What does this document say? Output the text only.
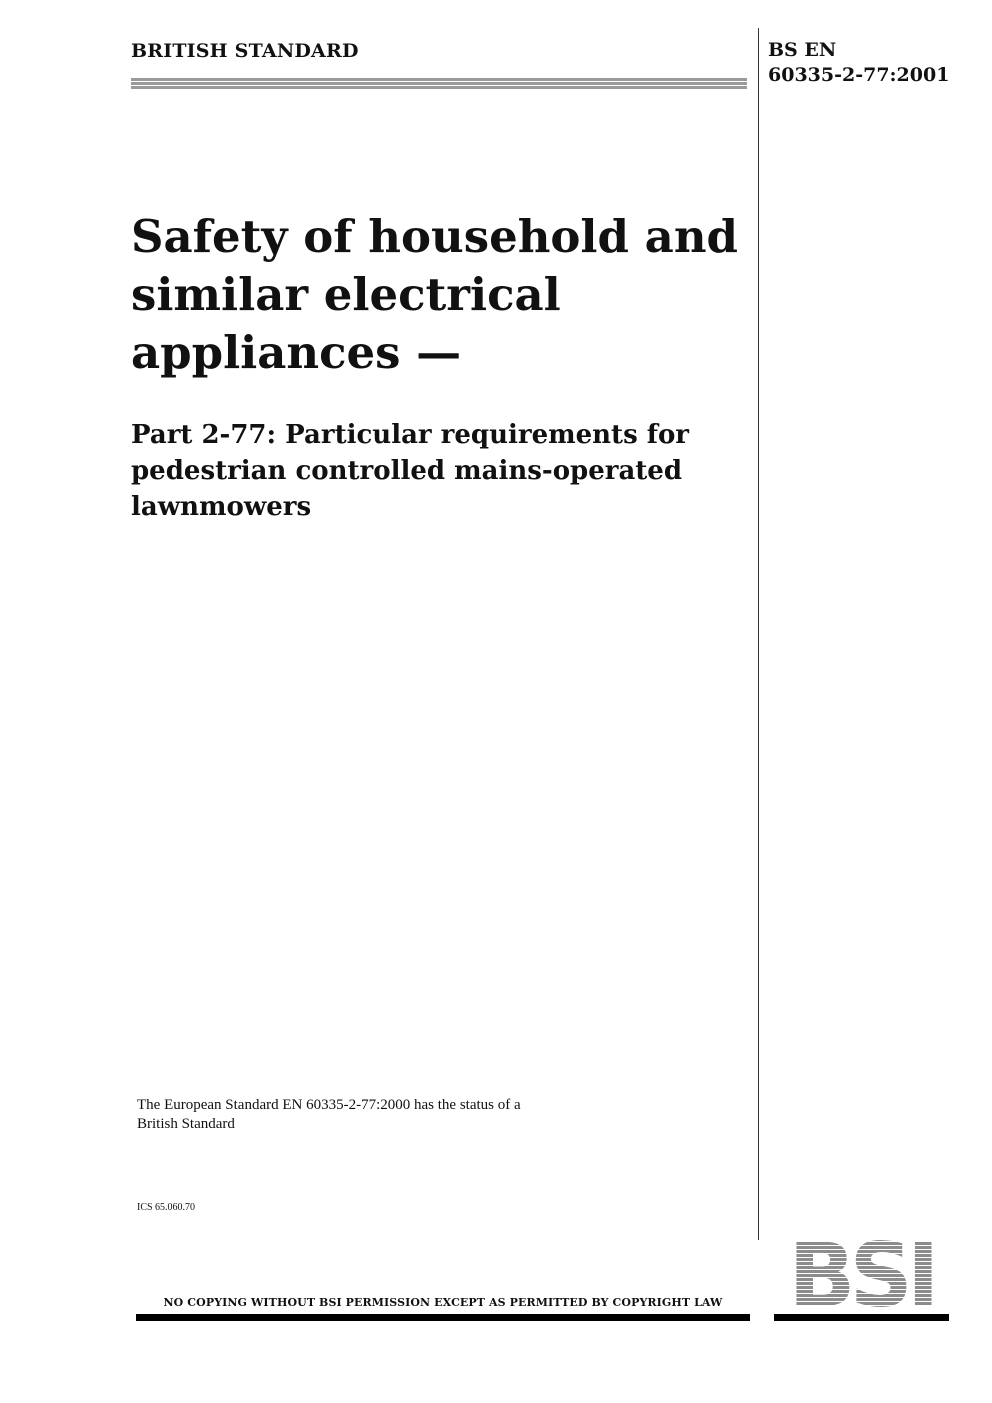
BRITISH STANDARD	BS EN
60335-2-77:2001
Safety of household and
similar electrical
appliances —
Part 2-77: Particular requirements for
pedestrian controlled mains-operated
lawnmowers
The European Standard EN 60335-2-77:2000 has the status of a
British Standard
ICS 65.060.70
NO COPYING WITHOUT BSI PERMISSION EXCEPT AS PERMITTED BY COPYRIGHT LAW BSI
